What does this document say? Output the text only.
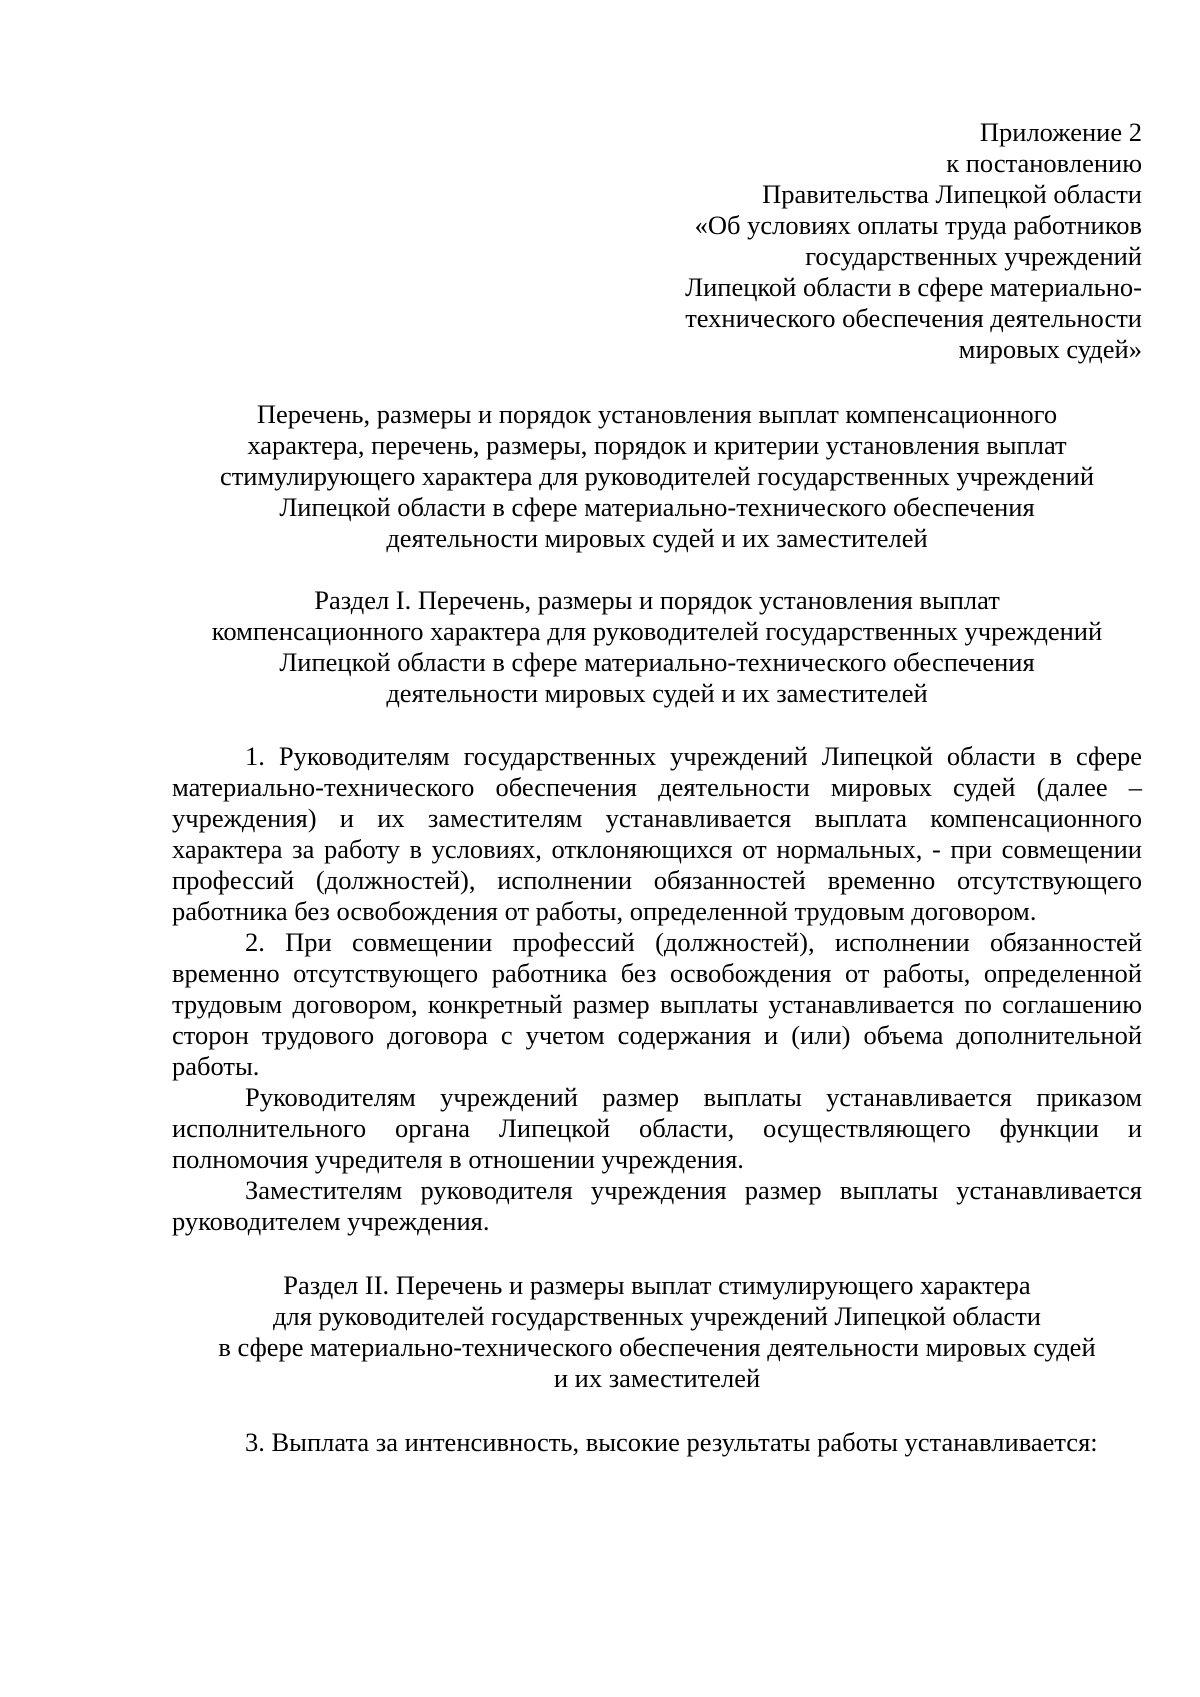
Приложение 2
к постановлению
Правительства Липецкой области
«Об условиях оплаты труда работников
государственных учреждений
Липецкой области в сфере материально-
технического обеспечения деятельности
мировых судей»
Перечень, размеры и порядок установления выплат компенсационного
характера, перечень, размеры, порядок и критерии установления выплат
стимулирующего характера для руководителей государственных учреждений
Липецкой области в сфере материально-технического обеспечения
деятельности мировых судей и их заместителей
Раздел I. Перечень, размеры и порядок установления выплат
компенсационного характера для руководителей государственных учреждений
Липецкой области в сфере материально-технического обеспечения
деятельности мировых судей и их заместителей

1. Руководителям государственных учреждений Липецкой области в сфере материально-технического обеспечения деятельности мировых судей (далее – учреждения) и их заместителям устанавливается выплата компенсационного характера за работу в условиях, отклоняющихся от нормальных, - при совмещении профессий (должностей), исполнении обязанностей временно отсутствующего работника без освобождения от работы, определенной трудовым договором.

2. При совмещении профессий (должностей), исполнении обязанностей временно отсутствующего работника без освобождения от работы, определенной трудовым договором, конкретный размер выплаты устанавливается по соглашению сторон трудового договора с учетом содержания и (или) объема дополнительной работы.

Руководителям учреждений размер выплаты устанавливается приказом исполнительного органа Липецкой области, осуществляющего функции и полномочия учредителя в отношении учреждения.

Заместителям руководителя учреждения размер выплаты устанавливается руководителем учреждения.

Раздел II. Перечень и размеры выплат стимулирующего характера
для руководителей государственных учреждений Липецкой области
в сфере материально-технического обеспечения деятельности мировых судей
и их заместителей

3. Выплата за интенсивность, высокие результаты работы устанавливается:
